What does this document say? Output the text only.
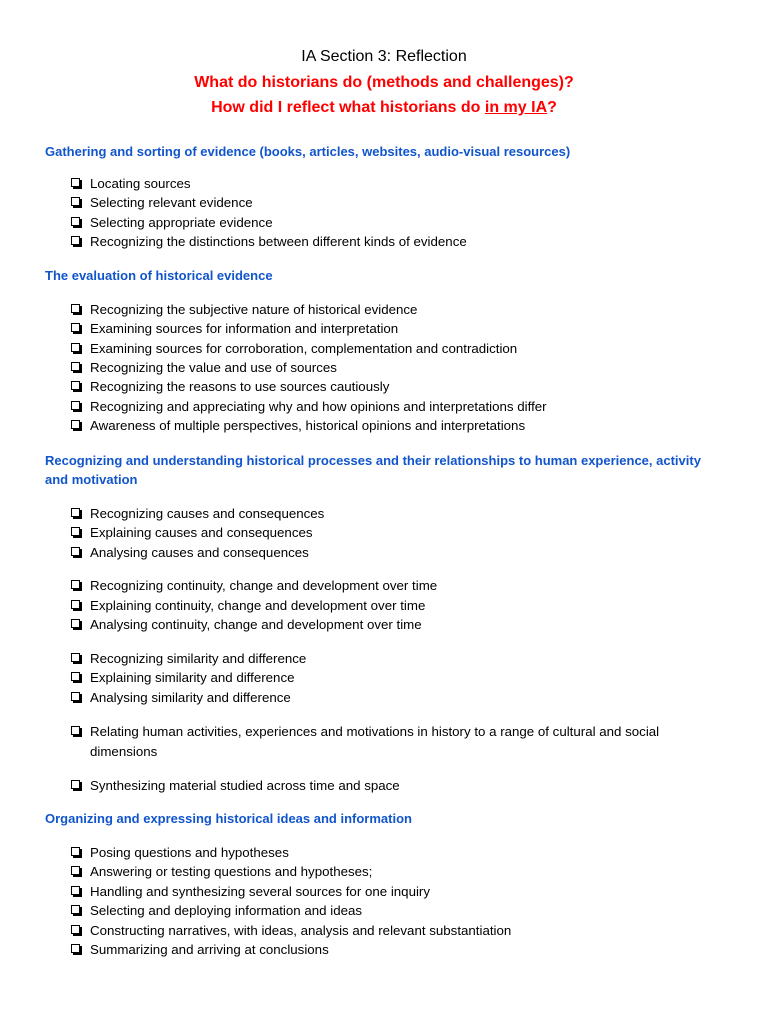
IA Section 3: Reflection
What do historians do (methods and challenges)?
How did I reflect what historians do in my IA?
Gathering and sorting of evidence (books, articles, websites, audio-visual resources)
Locating sources
Selecting relevant evidence
Selecting appropriate evidence
Recognizing the distinctions between different kinds of evidence
The evaluation of historical evidence
Recognizing the subjective nature of historical evidence
Examining sources for information and interpretation
Examining sources for corroboration, complementation and contradiction
Recognizing the value and use of sources
Recognizing the reasons to use sources cautiously
Recognizing and appreciating why and how opinions and interpretations differ
Awareness of multiple perspectives, historical opinions and interpretations
Recognizing and understanding historical processes and their relationships to human experience, activity and motivation
Recognizing causes and consequences
Explaining causes and consequences
Analysing causes and consequences
Recognizing continuity, change and development over time
Explaining continuity, change and development over time
Analysing continuity, change and development over time
Recognizing similarity and difference
Explaining similarity and difference
Analysing similarity and difference
Relating human activities, experiences and motivations in history to a range of cultural and social dimensions
Synthesizing material studied across time and space
Organizing and expressing historical ideas and information
Posing questions and hypotheses
Answering or testing questions and hypotheses;
Handling and synthesizing several sources for one inquiry
Selecting and deploying information and ideas
Constructing narratives, with ideas, analysis and relevant substantiation
Summarizing and arriving at conclusions
